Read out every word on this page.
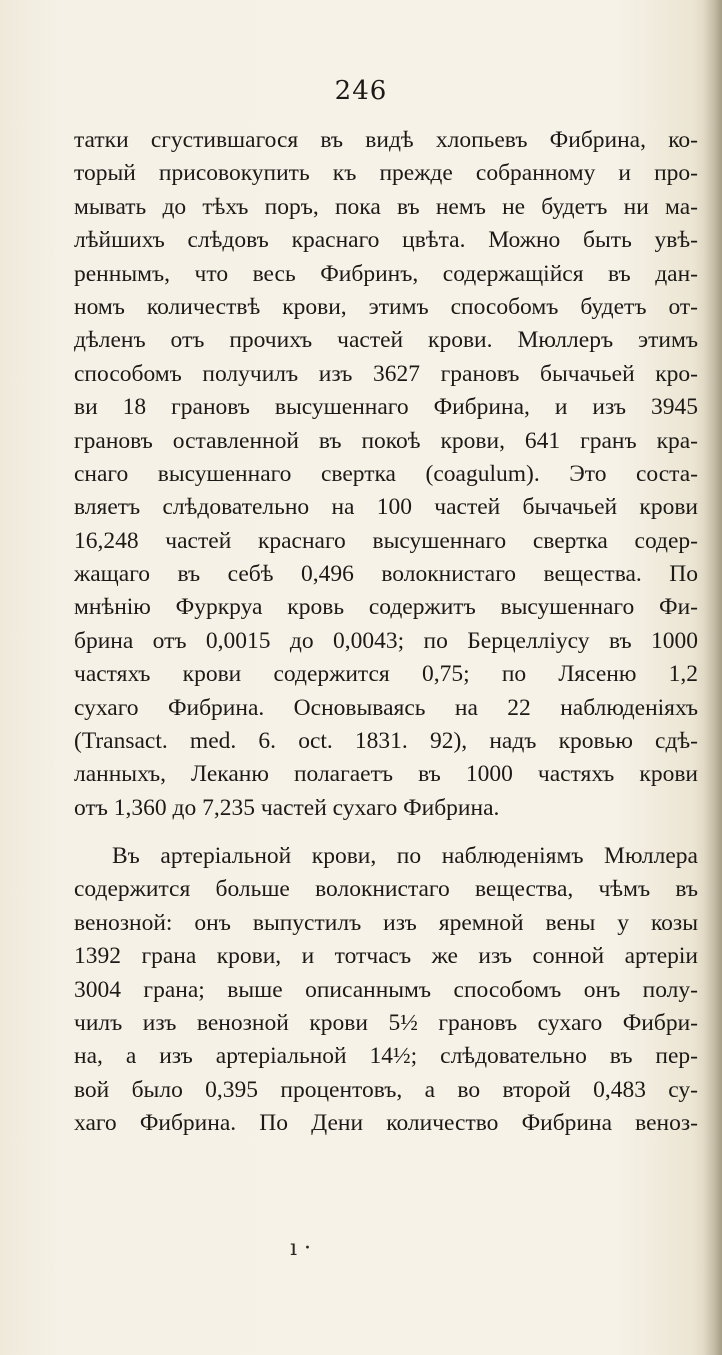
246
татки сгустившагося въ видѣ хлопьевъ Фибрина, ко-
торый присовокупить къ прежде собранному и про-
мывать до тѣхъ поръ, пока въ немъ не будетъ ни ма-
лѣйшихъ слѣдовъ краснаго цвѣта. Можно быть увѣ-
реннымъ, что весь Фибринъ, содержащійся въ дан-
номъ количествѣ крови, этимъ способомъ будетъ от-
дѣленъ отъ прочихъ частей крови. Мюллеръ этимъ
способомъ получилъ изъ 3627 грановъ бычачьей кро-
ви 18 грановъ высушеннаго Фибрина, и изъ 3945
грановъ оставленной въ покоѣ крови, 641 гранъ кра-
снаго высушеннаго свертка (coagulum). Это соста-
вляетъ слѣдовательно на 100 частей бычачьей крови
16,248 частей краснаго высушеннаго свертка содер-
жащаго въ себѣ 0,496 волокнистаго вещества. По
мнѣнію Фуркруа кровь содержитъ высушеннаго Фи-
брина отъ 0,0015 до 0,0043; по Берцелліусу въ 1000
частяхъ крови содержится 0,75; по Лясеню 1,2
сухаго Фибрина. Основываясь на 22 наблюденіяхъ
(Transact. med. 6. oct. 1831. 92), надъ кровью сдѣ-
ланныхъ, Леканю полагаетъ въ 1000 частяхъ крови
отъ 1,360 до 7,235 частей сухаго Фибрина.
Въ артеріальной крови, по наблюденіямъ Мюллера
содержится больше волокнистаго вещества, чѣмъ въ
венозной: онъ выпустилъ изъ яремной вены у козы
1392 грана крови, и тотчасъ же изъ сонной артеріи
3004 грана; выше описаннымъ способомъ онъ полу-
чилъ изъ венозной крови 5½ грановъ сухаго Фибри-
на, а изъ артеріальной 14½; слѣдовательно въ пер-
вой было 0,395 процентовъ, а во второй 0,483 су-
хаго Фибрина. По Дени количество Фибрина веноз-
ı ·
